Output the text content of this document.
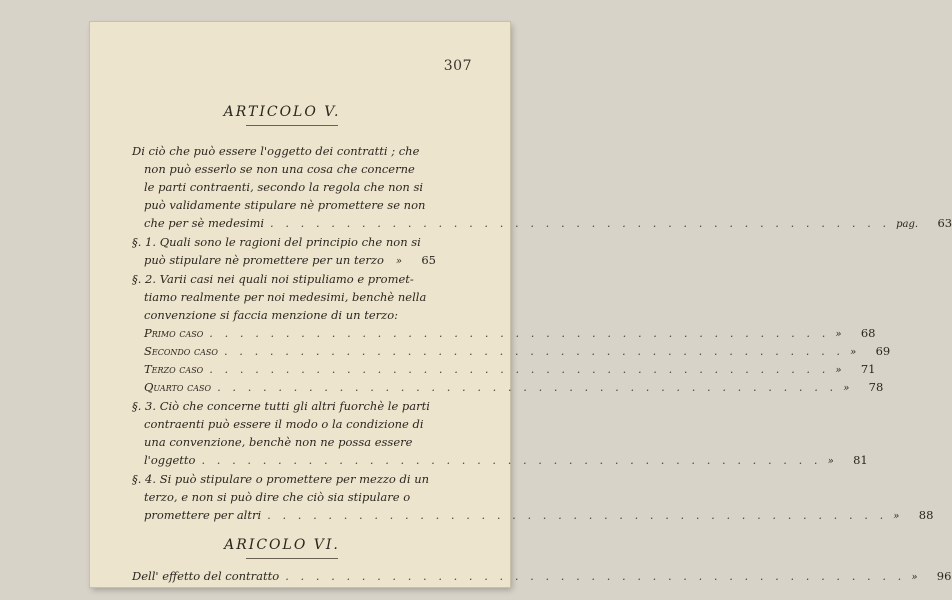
307
ARTICOLO V.
Di ciò che può essere l'oggetto dei contratti ; che
non può esserlo se non una cosa che concerne
le parti contraenti, secondo la regola che non si
può validamente stipulare nè promettere se non
che per sè medesimi . . .	pag.	63
§. 1. Quali sono le ragioni del principio che non si
può stipulare nè promettere per un terzo »	65
§. 2. Varii casi nei quali noi stipuliamo e promet-
tiamo realmente per noi medesimi, benchè nella
convenzione si faccia menzione di un terzo:
Primo caso . . .	»	68
Secondo caso . . .	»	69
Terzo caso . . .	»	71
Quarto caso . . .	»	78
§. 3. Ciò che concerne tutti gli altri fuorchè le parti
contraenti può essere il modo o la condizione di
una convenzione, benchè non ne possa essere
l'oggetto . . .	»	81
§. 4. Si può stipulare o promettere per mezzo di un
terzo, e non si può dire che ciò sia stipulare o
promettere per altri . . .	»	88
ARICOLO VI.
Dell' effetto del contratto . . .	»	96
